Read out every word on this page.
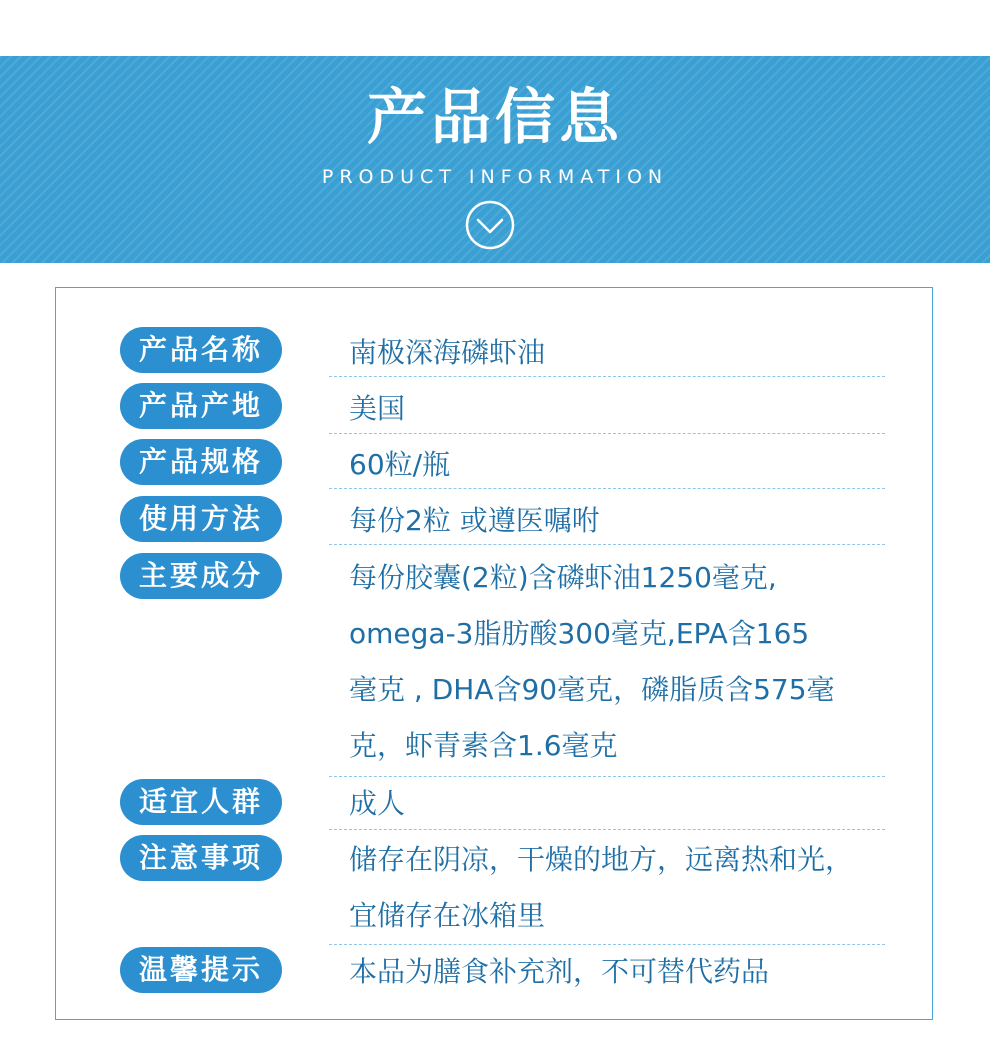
产品信息
PRODUCT INFORMATION
产品名称	南极深海磷虾油
产品产地	美国
产品规格	60粒/瓶
使用方法	每份2粒 或遵医嘱咐
主要成分	每份胶囊(2粒)含磷虾油1250毫克,
omega-3脂肪酸300毫克,EPA含165
毫克 , DHA含90毫克，磷脂质含575毫
克，虾青素含1.6毫克
适宜人群	成人
注意事项	储存在阴凉，干燥的地方，远离热和光，
宜储存在冰箱里
温馨提示	本品为膳食补充剂，不可替代药品
